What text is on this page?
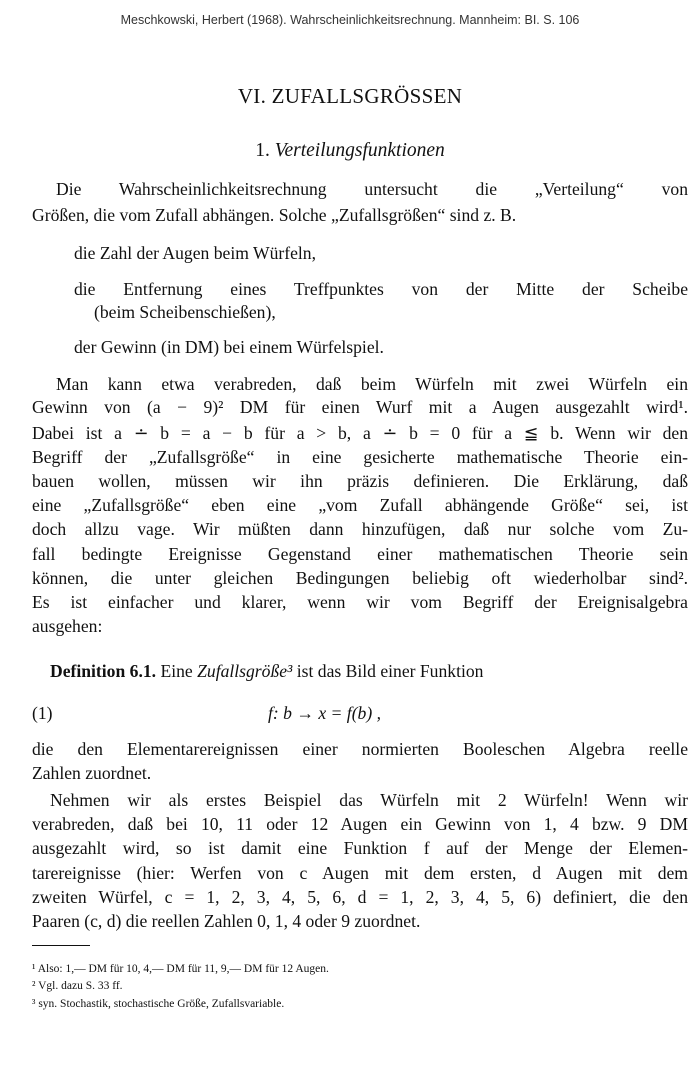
Meschkowski, Herbert (1968). Wahrscheinlichkeitsrechnung. Mannheim: BI. S. 106
VI. ZUFALLSGRÖSSEN
1. Verteilungsfunktionen
Die Wahrscheinlichkeitsrechnung untersucht die „Verteilung“ von
Größen, die vom Zufall abhängen. Solche „Zufallsgrößen“ sind z. B.
die Zahl der Augen beim Würfeln,
die Entfernung eines Treffpunktes von der Mitte der Scheibe
(beim Scheibenschießen),
der Gewinn (in DM) bei einem Würfelspiel.
Man kann etwa verabreden, daß beim Würfeln mit zwei Würfeln ein
Gewinn von (a − 9)² DM für einen Wurf mit a Augen ausgezahlt wird¹.
Dabei ist a ∸ b = a − b für a > b, a ∸ b = 0 für a ≦ b. Wenn wir den
Begriff der „Zufallsgröße“ in eine gesicherte mathematische Theorie ein-
bauen wollen, müssen wir ihn präzis definieren. Die Erklärung, daß
eine „Zufallsgröße“ eben eine „vom Zufall abhängende Größe“ sei, ist
doch allzu vage. Wir müßten dann hinzufügen, daß nur solche vom Zu-
fall bedingte Ereignisse Gegenstand einer mathematischen Theorie sein
können, die unter gleichen Bedingungen beliebig oft wiederholbar sind².
Es ist einfacher und klarer, wenn wir vom Begriff der Ereignisalgebra
ausgehen:
Definition 6.1. Eine Zufallsgröße³ ist das Bild einer Funktion
(1)	f: b → x = f(b) ,
die den Elementarereignissen einer normierten Booleschen Algebra reelle
Zahlen zuordnet.
Nehmen wir als erstes Beispiel das Würfeln mit 2 Würfeln! Wenn wir
verabreden, daß bei 10, 11 oder 12 Augen ein Gewinn von 1, 4 bzw. 9 DM
ausgezahlt wird, so ist damit eine Funktion f auf der Menge der Elemen-
tarereignisse (hier: Werfen von c Augen mit dem ersten, d Augen mit dem
zweiten Würfel, c = 1, 2, 3, 4, 5, 6, d = 1, 2, 3, 4, 5, 6) definiert, die den
Paaren (c, d) die reellen Zahlen 0, 1, 4 oder 9 zuordnet.
¹ Also: 1,— DM für 10, 4,— DM für 11, 9,— DM für 12 Augen.
² Vgl. dazu S. 33 ff.
³ syn. Stochastik, stochastische Größe, Zufallsvariable.
